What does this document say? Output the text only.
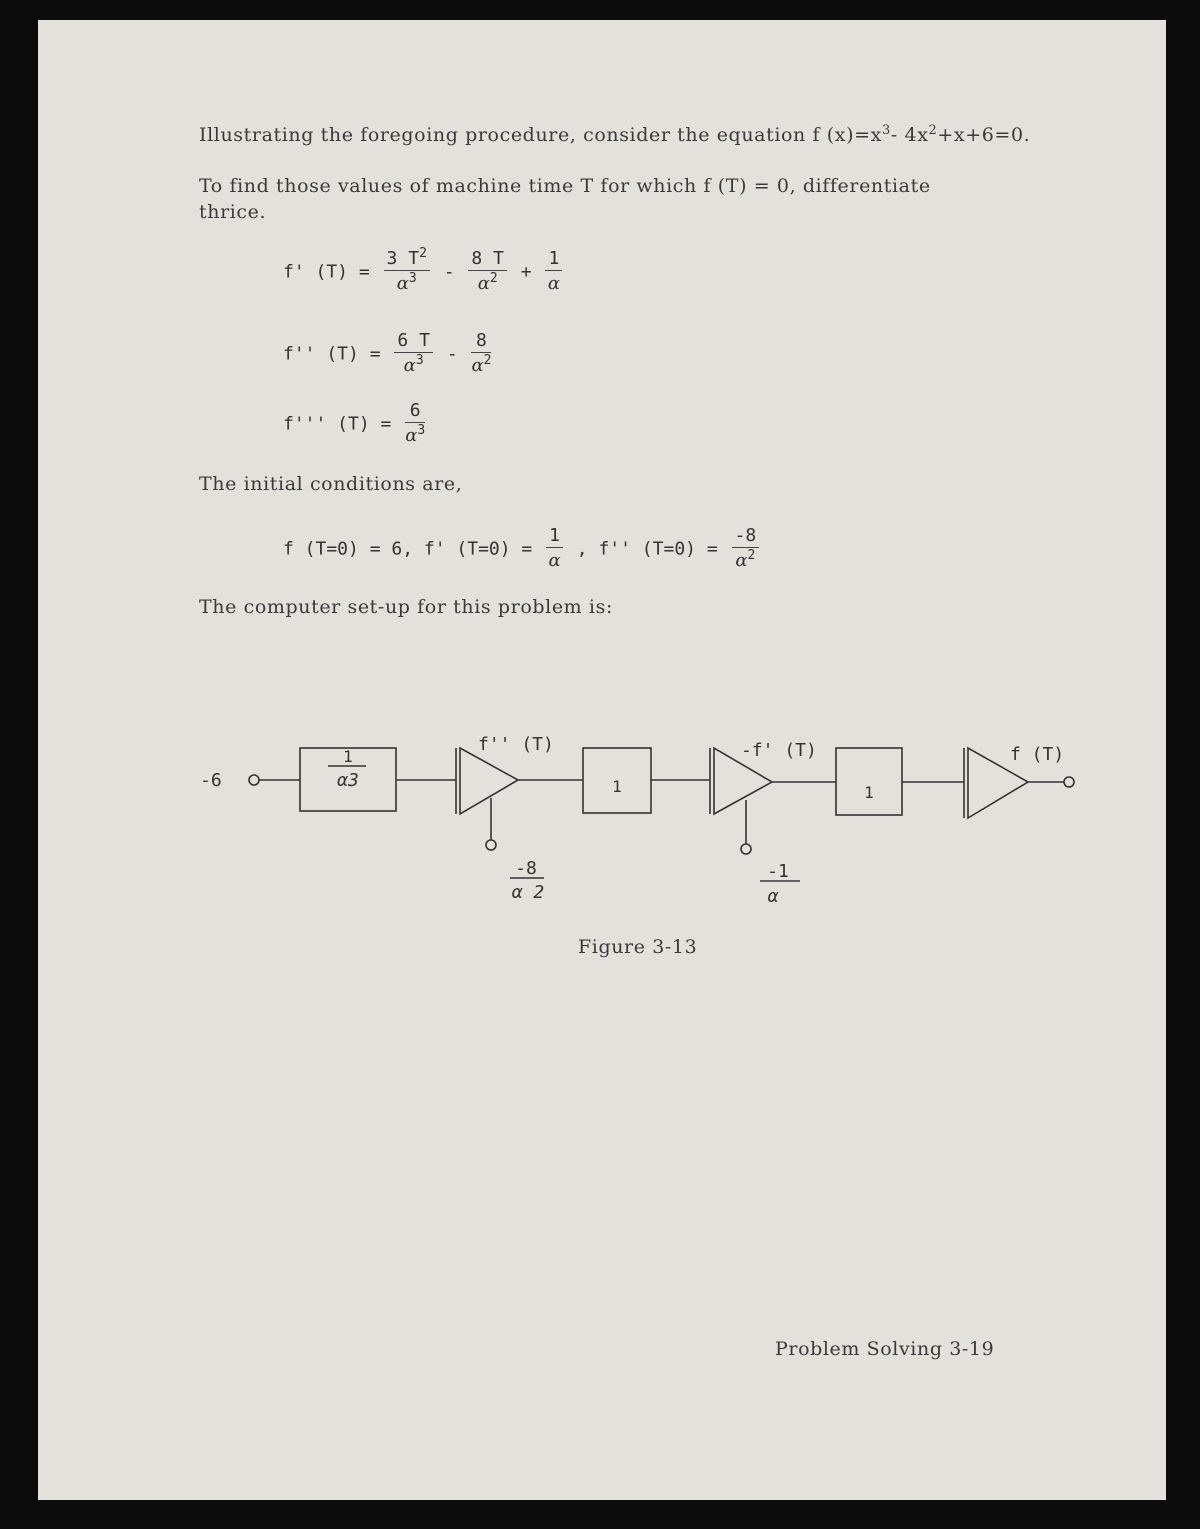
Illustrating the foregoing procedure, consider the equation f $(x)=x^3-$ $4x^2+x+6=0$.
To find those values of machine time T for which f (T) = 0, differentiate
thrice.
f' $(T) = \frac{3 T^2}{\alpha^3} - \frac{8 T}{\alpha^2} + \frac{1}{\alpha}$
f'' $(T) = \frac{6 T}{\alpha^3} - \frac{8}{\alpha^2}$
f''' $(T) = \frac{6}{\alpha^3}$
The initial conditions are,
f (T=0) = 6, f' $(T=0) = \frac{1}{\alpha}$ , f'' $(T=0) = \frac{-8}{\alpha^2}$
The computer set-up for this problem is:
-6
1
α3
f'' (T)
-8
α 2
1
-f' (T)
-1
α
1
f (T)
Figure 3-13
Problem Solving 3-19
